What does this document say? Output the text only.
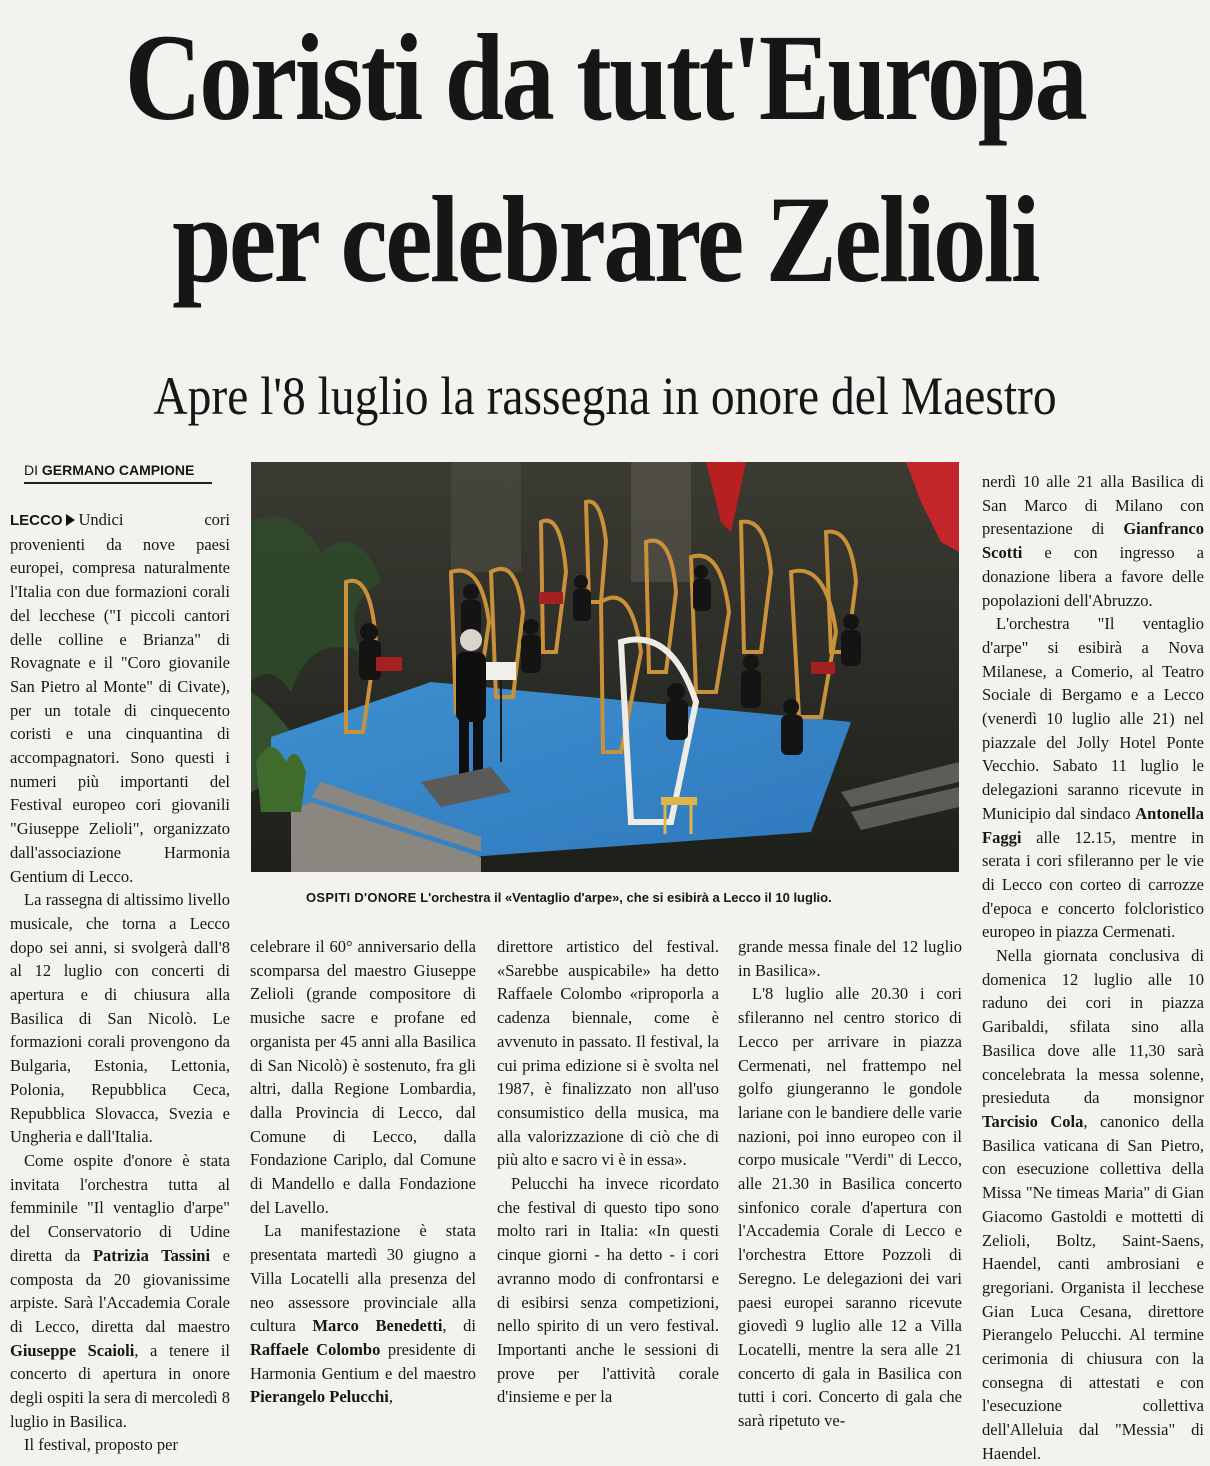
Coristi da tutt'Europa
per celebrare Zelioli
Apre l'8 luglio la rassegna in onore del Maestro
DI GERMANO CAMPIONE

LECCO Undici cori provenienti da nove paesi europei, compresa naturalmente l'Italia con due formazioni corali del lecchese ("I piccoli cantori delle colline e Brianza" di Rovagnate e il "Coro giovanile San Pietro al Monte" di Civate), per un totale di cinquecento coristi e una cinquantina di accompagnatori. Sono questi i numeri più importanti del Festival europeo cori giovanili "Giuseppe Zelioli", organizzato dall'associazione Harmonia Gentium di Lecco.

La rassegna di altissimo livello musicale, che torna a Lecco dopo sei anni, si svolgerà dall'8 al 12 luglio con concerti di apertura e di chiusura alla Basilica di San Nicolò. Le formazioni corali provengono da Bulgaria, Estonia, Lettonia, Polonia, Repubblica Ceca, Repubblica Slovacca, Svezia e Ungheria e dall'Italia.

Come ospite d'onore è stata invitata l'orchestra tutta al femminile "Il ventaglio d'arpe" del Conservatorio di Udine diretta da Patrizia Tassini e composta da 20 giovanissime arpiste. Sarà l'Accademia Corale di Lecco, diretta dal maestro Giuseppe Scaioli, a tenere il concerto di apertura in onore degli ospiti la sera di mercoledì 8 luglio in Basilica.

Il festival, proposto per

OSPITI D'ONORE L'orchestra il «Ventaglio d'arpe», che si esibirà a Lecco il 10 luglio.

celebrare il 60° anniversario della scomparsa del maestro Giuseppe Zelioli (grande compositore di musiche sacre e profane ed organista per 45 anni alla Basilica di San Nicolò) è sostenuto, fra gli altri, dalla Regione Lombardia, dalla Provincia di Lecco, dal Comune di Lecco, dalla Fondazione Cariplo, dal Comune di Mandello e dalla Fondazione del Lavello.

La manifestazione è stata presentata martedì 30 giugno a Villa Locatelli alla presenza del neo assessore provinciale alla cultura Marco Benedetti, di Raffaele Colombo presidente di Harmonia Gentium e del maestro Pierangelo Pelucchi,

direttore artistico del festival. «Sarebbe auspicabile» ha detto Raffaele Colombo «riproporla a cadenza biennale, come è avvenuto in passato. Il festival, la cui prima edizione si è svolta nel 1987, è finalizzato non all'uso consumistico della musica, ma alla valorizzazione di ciò che di più alto e sacro vi è in essa».

Pelucchi ha invece ricordato che festival di questo tipo sono molto rari in Italia: «In questi cinque giorni - ha detto - i cori avranno modo di confrontarsi e di esibirsi senza competizioni, nello spirito di un vero festival. Importanti anche le sessioni di prove per l'attività corale d'insieme e per la

grande messa finale del 12 luglio in Basilica».

L'8 luglio alle 20.30 i cori sfileranno nel centro storico di Lecco per arrivare in piazza Cermenati, nel frattempo nel golfo giungeranno le gondole lariane con le bandiere delle varie nazioni, poi inno europeo con il corpo musicale "Verdi" di Lecco, alle 21.30 in Basilica concerto sinfonico corale d'apertura con l'Accademia Corale di Lecco e l'orchestra Ettore Pozzoli di Seregno. Le delegazioni dei vari paesi europei saranno ricevute giovedì 9 luglio alle 12 a Villa Locatelli, mentre la sera alle 21 concerto di gala in Basilica con tutti i cori. Concerto di gala che sarà ripetuto ve-

nerdì 10 alle 21 alla Basilica di San Marco di Milano con presentazione di Gianfranco Scotti e con ingresso a donazione libera a favore delle popolazioni dell'Abruzzo.

L'orchestra "Il ventaglio d'arpe" si esibirà a Nova Milanese, a Comerio, al Teatro Sociale di Bergamo e a Lecco (venerdì 10 luglio alle 21) nel piazzale del Jolly Hotel Ponte Vecchio. Sabato 11 luglio le delegazioni saranno ricevute in Municipio dal sindaco Antonella Faggi alle 12.15, mentre in serata i cori sfileranno per le vie di Lecco con corteo di carrozze d'epoca e concerto folcloristico europeo in piazza Cermenati.

Nella giornata conclusiva di domenica 12 luglio alle 10 raduno dei cori in piazza Garibaldi, sfilata sino alla Basilica dove alle 11,30 sarà concelebrata la messa solenne, presieduta da monsignor Tarcisio Cola, canonico della Basilica vaticana di San Pietro, con esecuzione collettiva della Missa "Ne timeas Maria" di Gian Giacomo Gastoldi e mottetti di Zelioli, Boltz, Saint-Saens, Haendel, canti ambrosiani e gregoriani. Organista il lecchese Gian Luca Cesana, direttore Pierangelo Pelucchi. Al termine cerimonia di chiusura con la consegna di attestati e con l'esecuzione collettiva dell'Alleluia dal "Messia" di Haendel.
